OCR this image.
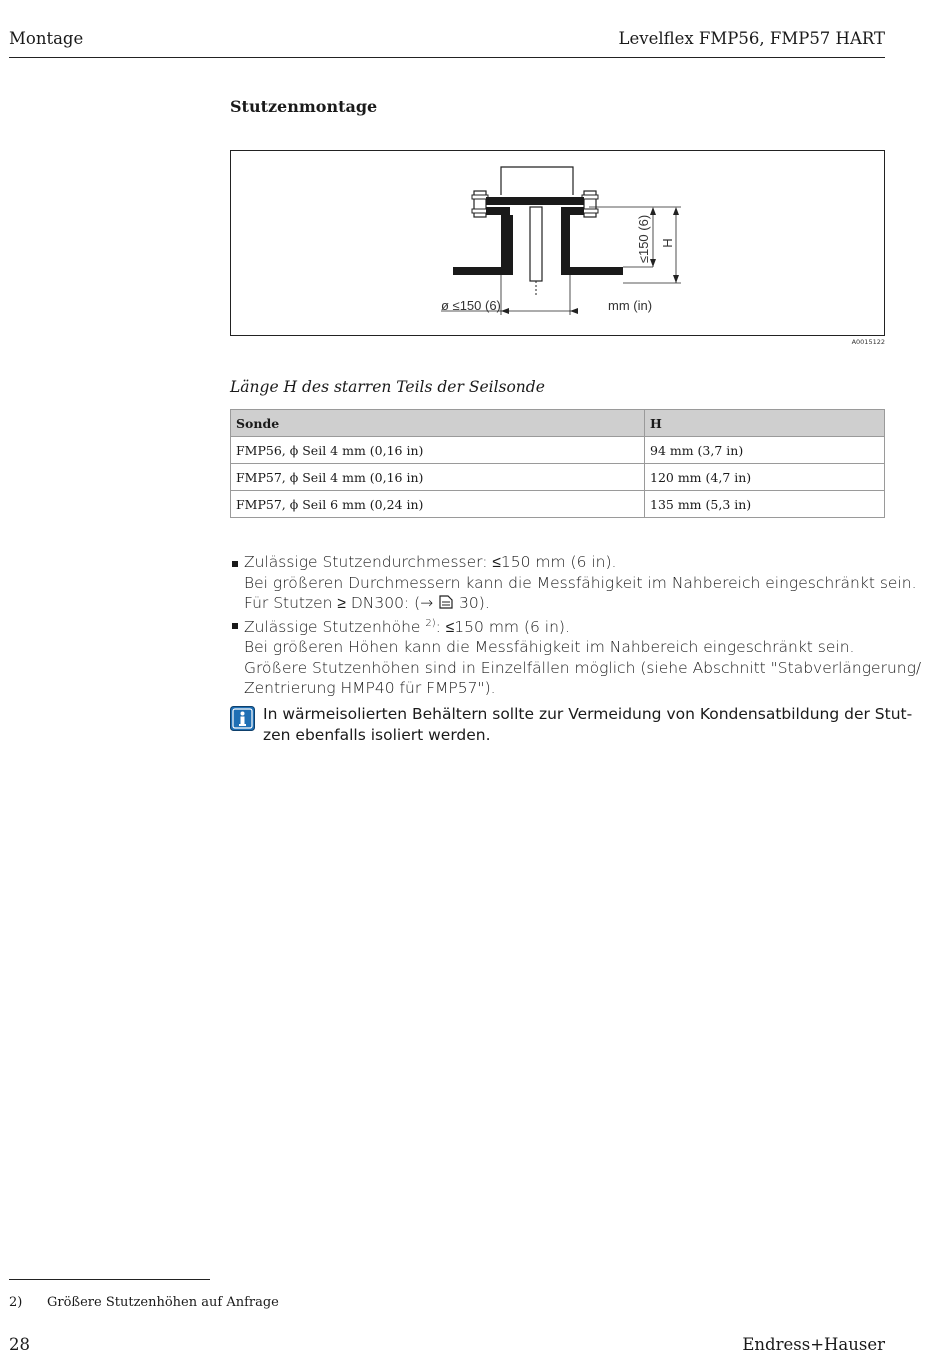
Montage	Levelflex FMP56, FMP57 HART
Stutzenmontage
≤150 (6) H
ø ≤150 (6)	mm (in)
A0015122
Länge H des starren Teils der Seilsonde
Sonde	H
FMP56, ϕ Seil 4 mm (0,16 in)	94 mm (3,7 in)
FMP57, ϕ Seil 4 mm (0,16 in)	120 mm (4,7 in)
FMP57, ϕ Seil 6 mm (0,24 in)	135 mm (5,3 in)
Zulässige Stutzendurchmesser: ≤150 mm (6 in).
Bei größeren Durchmessern kann die Messfähigkeit im Nahbereich eingeschränkt sein.
Für Stutzen ≥ DN300: (→  30).
Zulässige Stutzenhöhe $^{2)}$: ≤150 mm (6 in).
Bei größeren Höhen kann die Messfähigkeit im Nahbereich eingeschränkt sein.
Größere Stutzenhöhen sind in Einzelfällen möglich (siehe Abschnitt "Stabverlängerung/
Zentrierung HMP40 für FMP57").
In wärmeisolierten Behältern sollte zur Vermeidung von Kondensatbildung der Stut-
zen ebenfalls isoliert werden.
2) Größere Stutzenhöhen auf Anfrage
28	Endress+Hauser
